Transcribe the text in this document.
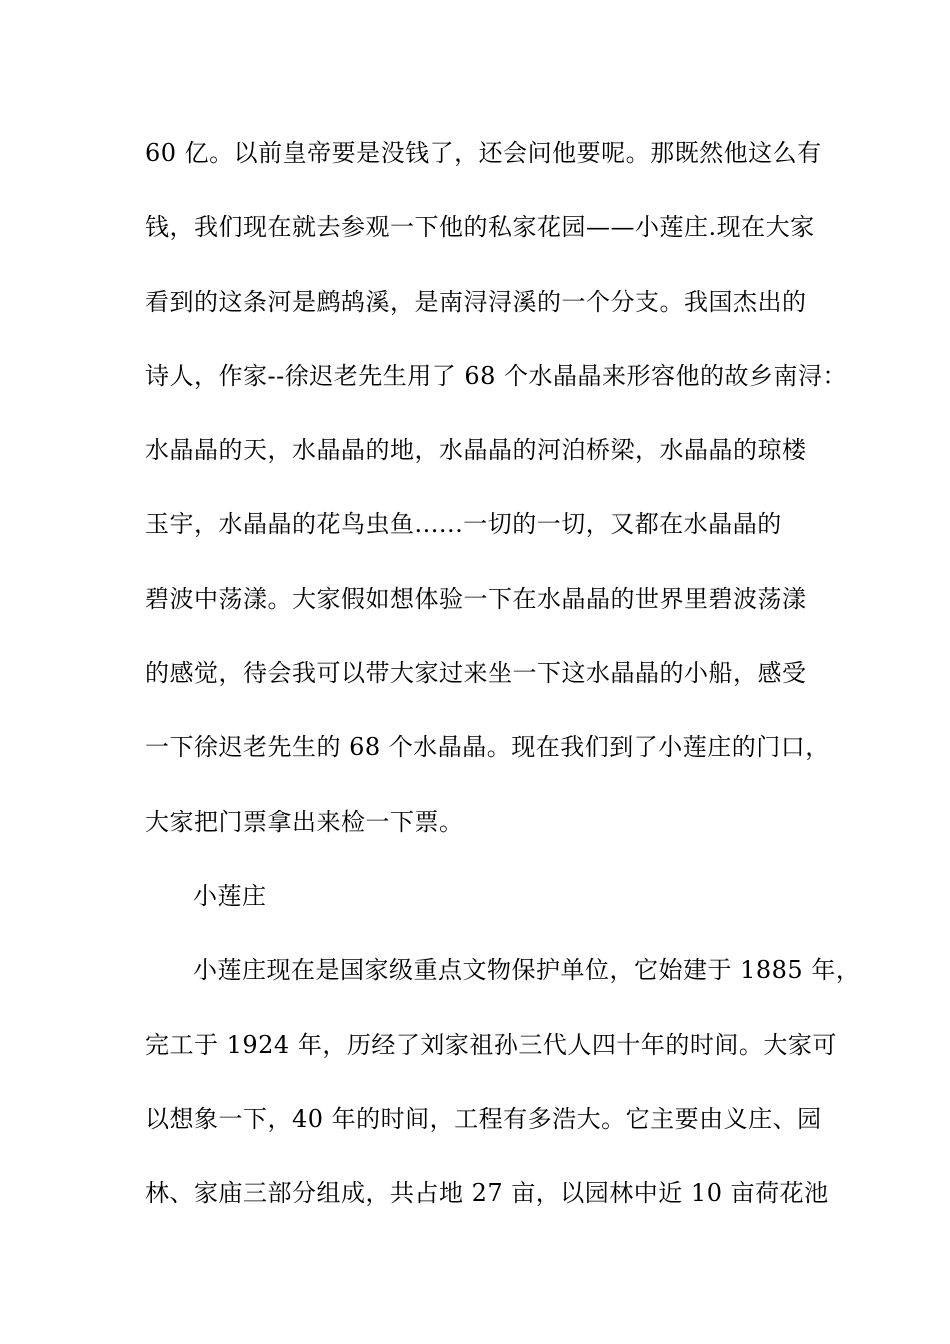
60 亿。以前皇帝要是没钱了，还会问他要呢。那既然他这么有
钱，我们现在就去参观一下他的私家花园——小莲庄.现在大家
看到的这条河是鹧鸪溪，是南浔浔溪的一个分支。我国杰出的
诗人，作家--徐迟老先生用了 68 个水晶晶来形容他的故乡南浔：
水晶晶的天，水晶晶的地，水晶晶的河泊桥梁，水晶晶的琼楼
玉宇，水晶晶的花鸟虫鱼......一切的一切，又都在水晶晶的
碧波中荡漾。大家假如想体验一下在水晶晶的世界里碧波荡漾
的感觉，待会我可以带大家过来坐一下这水晶晶的小船，感受
一下徐迟老先生的 68 个水晶晶。现在我们到了小莲庄的门口，
大家把门票拿出来检一下票。
小莲庄
小莲庄现在是国家级重点文物保护单位，它始建于 1885 年，
完工于 1924 年，历经了刘家祖孙三代人四十年的时间。大家可
以想象一下，40 年的时间，工程有多浩大。它主要由义庄、园
林、家庙三部分组成，共占地 27 亩，以园林中近 10 亩荷花池
